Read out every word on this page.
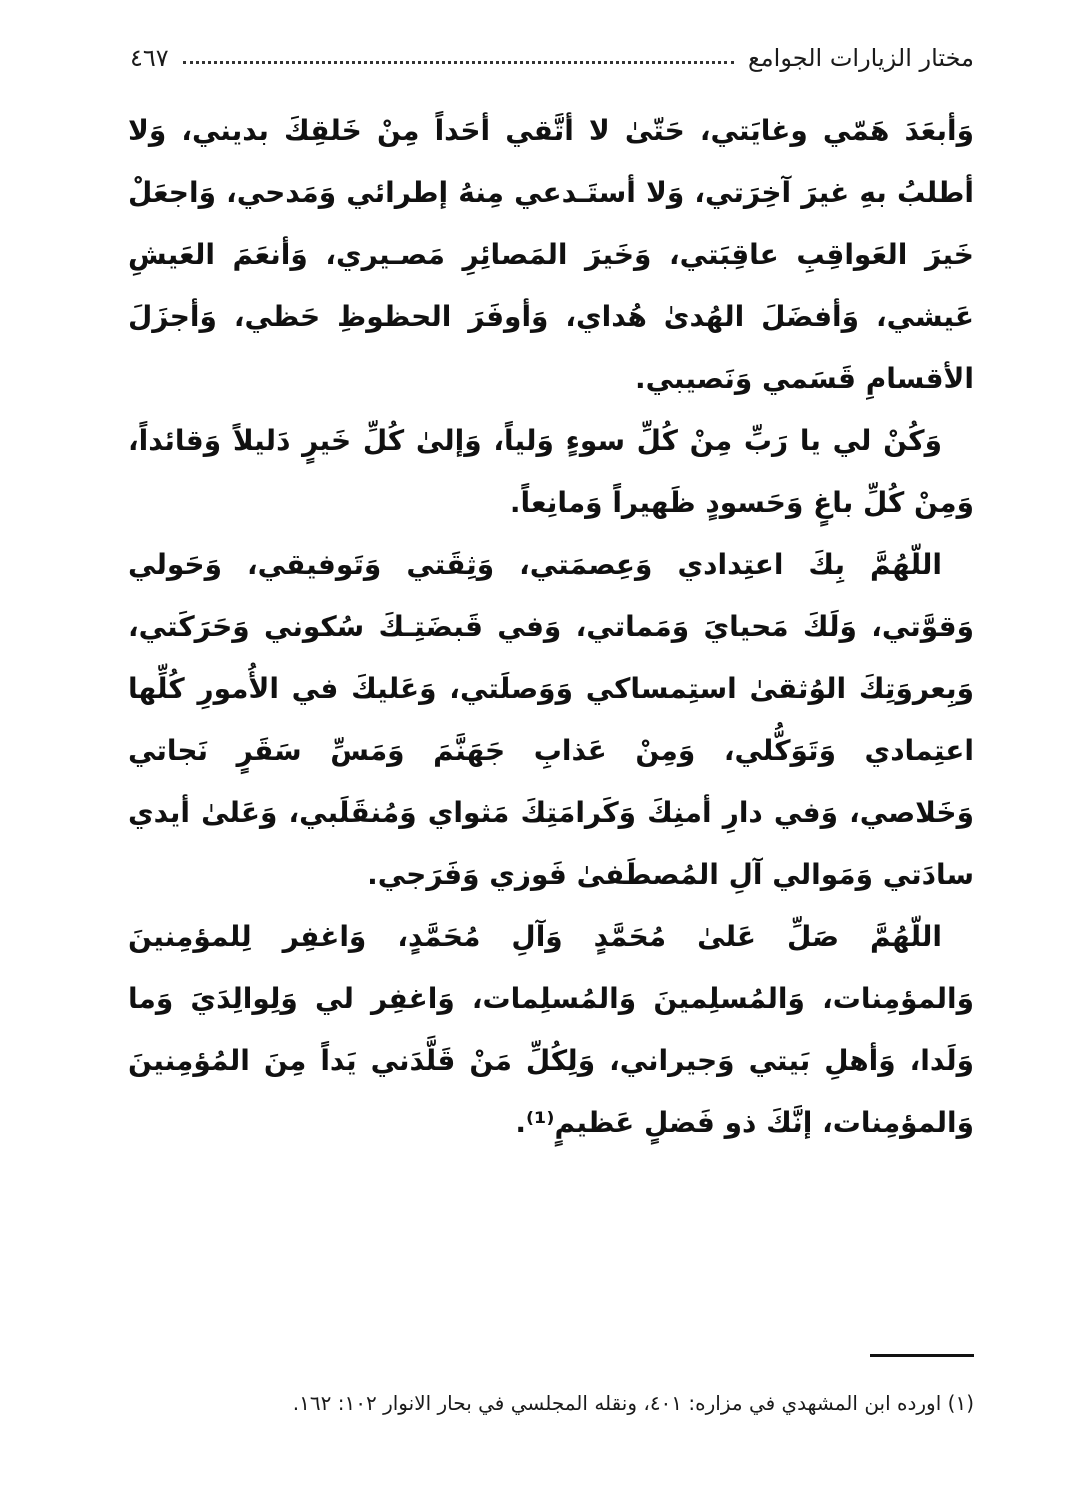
مختار الزيارات الجوامع
٤٦٧

وَأبعَدَ هَمّي وغايَتي، حَتّىٰ لا أتَّقي أحَداً مِنْ خَلقِكَ بديني، وَلا أطلبُ بهِ غيرَ آخِرَتي، وَلا أستَـدعي مِنهُ إطرائي وَمَدحي، وَاجعَلْ خَيرَ العَواقِبِ عاقِبَتي، وَخَيرَ المَصائِرِ مَصـيري، وَأنعَمَ العَيشِ عَيشي، وَأفضَلَ الهُدىٰ هُداي، وَأوفَرَ الحظوظِ حَظي، وَأجزَلَ الأقسامِ قَسَمي وَنَصيبي.

وَكُنْ لي يا رَبِّ مِنْ كُلِّ سوءٍ وَلياً، وَإلىٰ كُلِّ خَيرٍ دَليلاً وَقائداً، وَمِنْ كُلِّ باغٍ وَحَسودٍ ظَهيراً وَمانِعاً.

اللّهُمَّ بِكَ اعتِدادي وَعِصمَتي، وَثِقَتي وَتَوفيقي، وَحَولي وَقوَّتي، وَلَكَ مَحيايَ وَمَماتي، وَفي قَبضَتِـكَ سُكوني وَحَرَكَتي، وَبِعروَتِكَ الوُثقىٰ استِمساكي وَوَصلَتي، وَعَليكَ في الأُمورِ كُلِّها اعتِمادي وَتَوَكُّلي، وَمِنْ عَذابِ جَهَنَّمَ وَمَسِّ سَقَرٍ نَجاتي وَخَلاصي، وَفي دارِ أمنِكَ وَكَرامَتِكَ مَثواي وَمُنقَلَبي، وَعَلىٰ أيدي سادَتي وَمَوالي آلِ المُصطَفىٰ فَوزي وَفَرَجي.

اللّهُمَّ صَلِّ عَلىٰ مُحَمَّدٍ وَآلِ مُحَمَّدٍ، وَاغفِر لِلمؤمِنينَ وَالمؤمِنات، وَالمُسلِمينَ وَالمُسلِمات، وَاغفِر لي وَلِوالِدَيَ وَما وَلَدا، وَأهلِ بَيتي وَجيراني، وَلِكُلِّ مَنْ قَلَّدَني يَداً مِنَ المُؤمِنينَ وَالمؤمِنات، إنَّكَ ذو فَضلٍ عَظيمٍ⁽¹⁾.

(١) اورده ابن المشهدي في مزاره: ٤٠١، ونقله المجلسي في بحار الانوار ١٠٢: ١٦٢.
